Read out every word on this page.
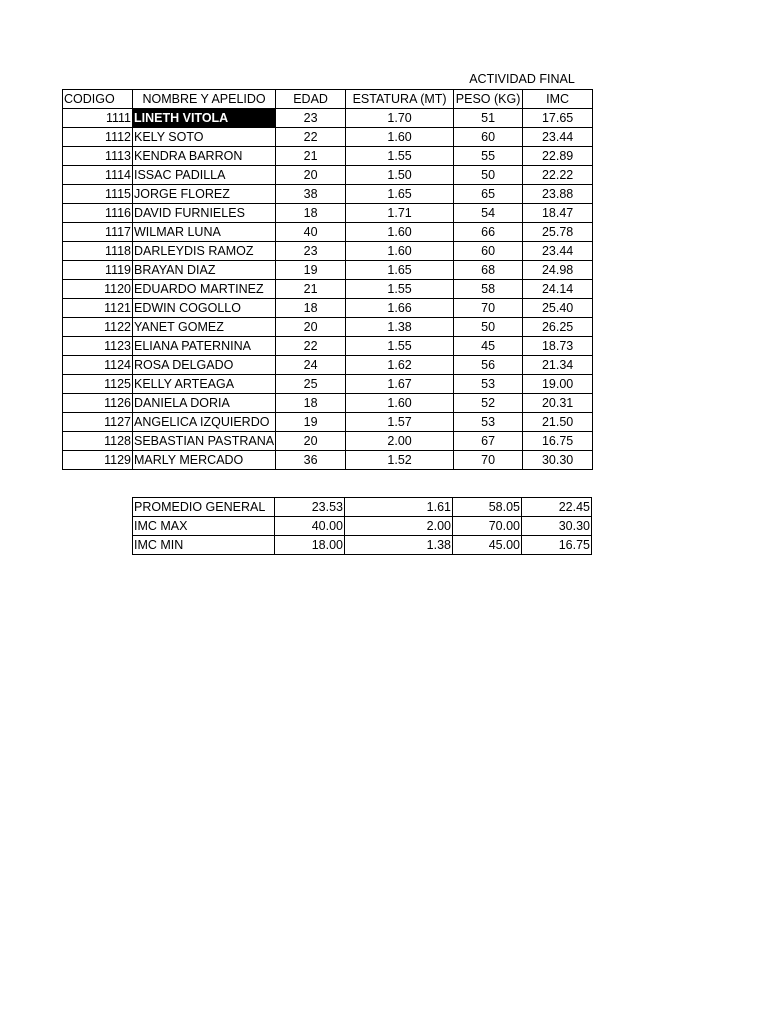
ACTIVIDAD FINAL
CODIGO	NOMBRE Y APELIDO	EDAD	ESTATURA (MT)	PESO (KG)	IMC
1111	LINETH VITOLA	23	1.70	51	17.65
1112	KELY SOTO	22	1.60	60	23.44
1113	KENDRA BARRON	21	1.55	55	22.89
1114	ISSAC PADILLA	20	1.50	50	22.22
1115	JORGE FLOREZ	38	1.65	65	23.88
1116	DAVID FURNIELES	18	1.71	54	18.47
1117	WILMAR LUNA	40	1.60	66	25.78
1118	DARLEYDIS RAMOZ	23	1.60	60	23.44
1119	BRAYAN DIAZ	19	1.65	68	24.98
1120	EDUARDO MARTINEZ	21	1.55	58	24.14
1121	EDWIN COGOLLO	18	1.66	70	25.40
1122	YANET GOMEZ	20	1.38	50	26.25
1123	ELIANA PATERNINA	22	1.55	45	18.73
1124	ROSA DELGADO	24	1.62	56	21.34
1125	KELLY ARTEAGA	25	1.67	53	19.00
1126	DANIELA DORIA	18	1.60	52	20.31
1127	ANGELICA IZQUIERDO	19	1.57	53	21.50
1128	SEBASTIAN PASTRANA	20	2.00	67	16.75
1129	MARLY MERCADO	36	1.52	70	30.30
PROMEDIO GENERAL	23.53	1.61	58.05	22.45
IMC MAX	40.00	2.00	70.00	30.30
IMC MIN	18.00	1.38	45.00	16.75
